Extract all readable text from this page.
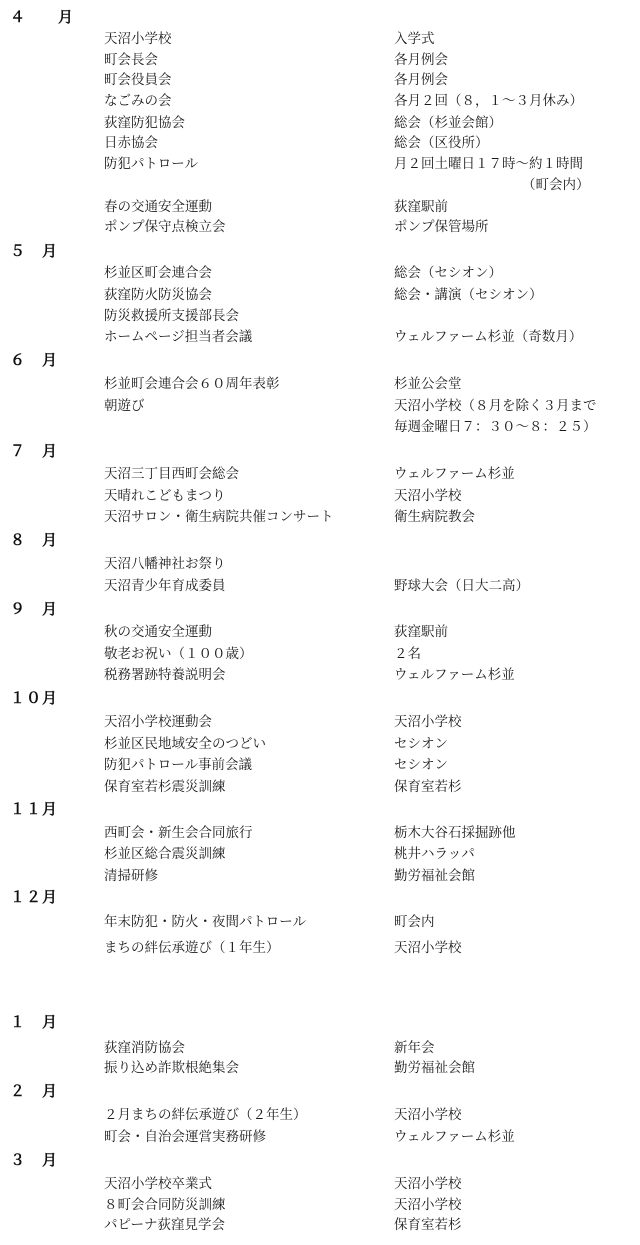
４　　月
天沼小学校	入学式
町会長会	各月例会
町会役員会	各月例会
なごみの会	各月２回（８，１～３月休み）
荻窪防犯協会	総会（杉並会館）
日赤協会	総会（区役所）
防犯パトロール	月２回土曜日１７時～約１時間
（町会内）
春の交通安全運動	荻窪駅前
ポンプ保守点検立会	ポンプ保管場所
５　月
杉並区町会連合会	総会（セシオン）
荻窪防火防災協会	総会・講演（セシオン）
防災救援所支援部長会
ホームページ担当者会議	ウェルファーム杉並（奇数月）
６　月
杉並町会連合会６０周年表彰	杉並公会堂
朝遊び	天沼小学校（８月を除く３月まで
毎週金曜日７：３０～８：２５）
７　月
天沼三丁目西町会総会	ウェルファーム杉並
天晴れこどもまつり	天沼小学校
天沼サロン・衛生病院共催コンサート	衛生病院教会
８　月
天沼八幡神社お祭り
天沼青少年育成委員	野球大会（日大二高）
９　月
秋の交通安全運動	荻窪駅前
敬老お祝い（１００歳）	２名
税務署跡特養説明会	ウェルファーム杉並
１０月
天沼小学校運動会	天沼小学校
杉並区民地域安全のつどい	セシオン
防犯パトロール事前会議	セシオン
保育室若杉震災訓練	保育室若杉
１１月
西町会・新生会合同旅行	栃木大谷石採掘跡他
杉並区総合震災訓練	桃井ハラッパ
清掃研修	勤労福祉会館
１２月
年末防犯・防火・夜間パトロール	町会内
まちの絆伝承遊び（１年生）	天沼小学校
１　月
荻窪消防協会	新年会
振り込め詐欺根絶集会	勤労福祉会館
２　月
２月まちの絆伝承遊び（２年生）	天沼小学校
町会・自治会運営実務研修	ウェルファーム杉並
３　月
天沼小学校卒業式	天沼小学校
８町会合同防災訓練	天沼小学校
パピーナ荻窪見学会	保育室若杉
